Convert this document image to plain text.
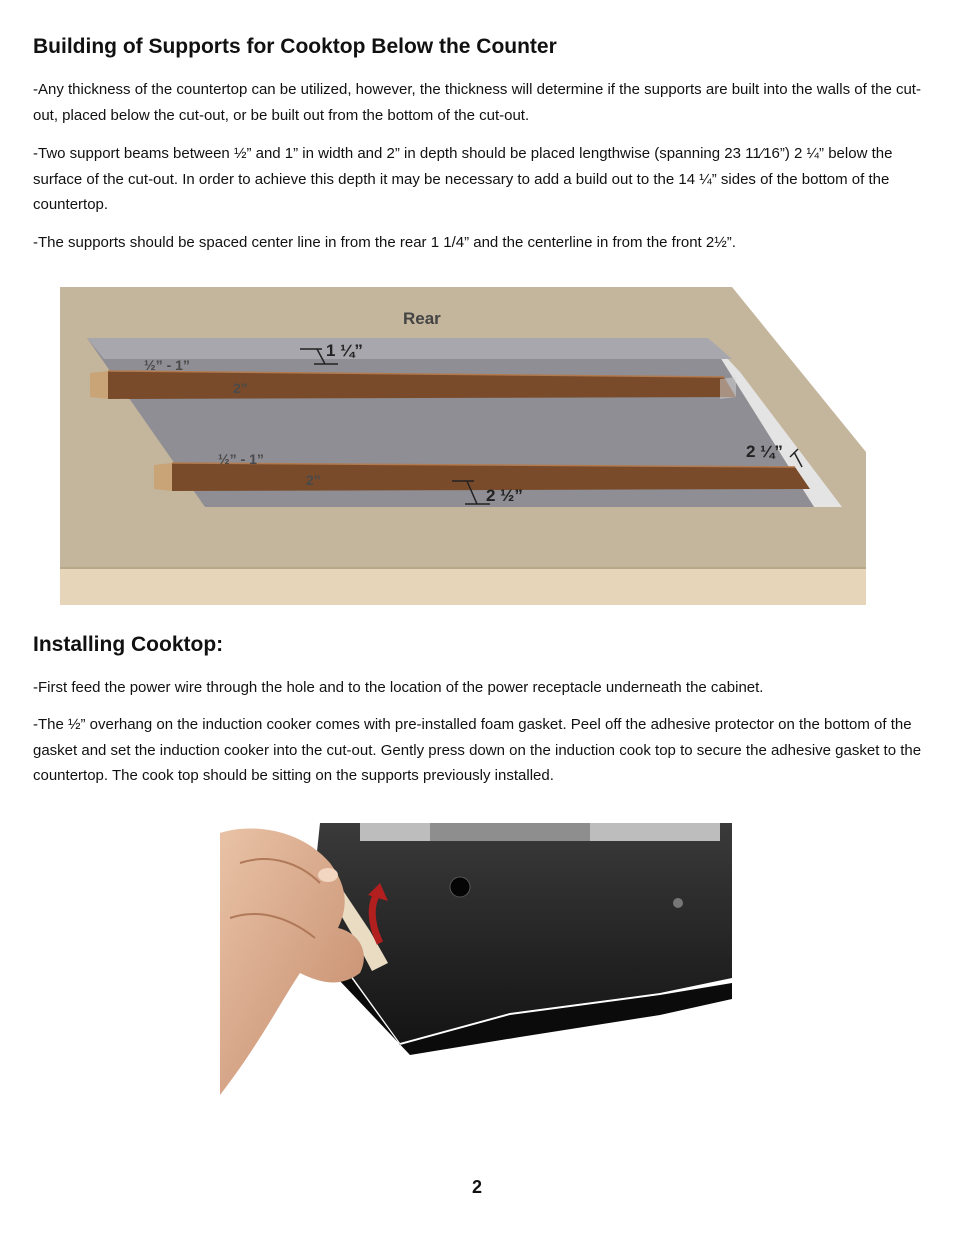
Building of Supports for Cooktop Below the Counter

-Any thickness of the countertop can be utilized, however, the thickness will determine if the supports are built into the walls of the cut-out, placed below the cut-out, or be built out from the bottom of the cut-out.

-Two support beams between ½” and 1” in width and 2” in depth should be placed lengthwise (spanning 23 11⁄16”) 2 ¼” below the surface of the cut-out. In order to achieve this depth it may be necessary to add a build out to the 14 ¼” sides of the bottom of the countertop.

-The supports should be spaced center line in from the rear 1 1/4” and the centerline in from the front 2½”.

Rear
1 ¼”
½” - 1”
2”
½” - 1”
2”
2 ½”
2 ¼”
Installing Cooktop:

-First feed the power wire through the hole and to the location of the power receptacle underneath the cabinet.

-The ½” overhang on the induction cooker comes with pre-installed foam gasket. Peel off the adhesive protector on the bottom of the gasket and set the induction cooker into the cut-out. Gently press down on the induction cook top to secure the adhesive gasket to the countertop. The cook top should be sitting on the supports previously installed.

2
